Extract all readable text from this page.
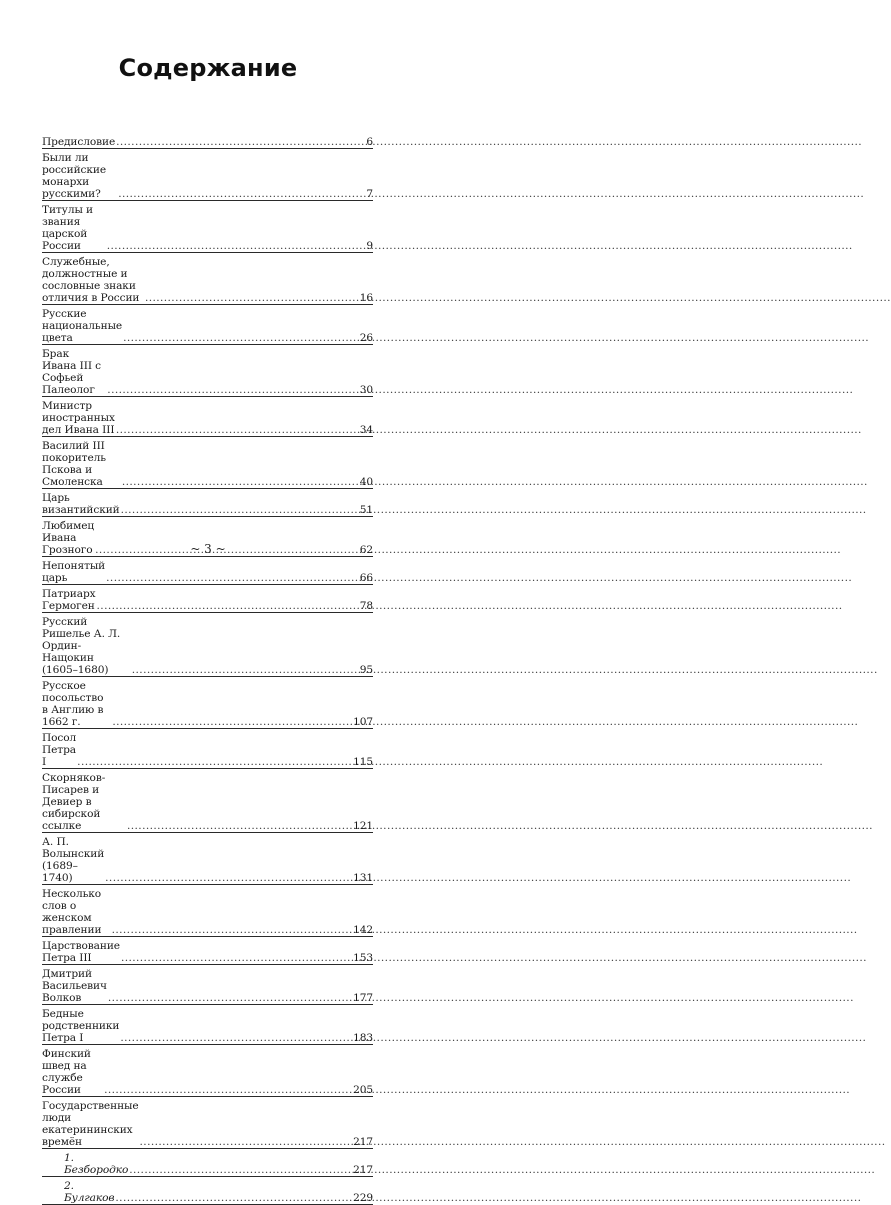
Содержание
Предисловие .....	6
Были ли российские монархи русскими? .....	7
Титулы и звания царской России .....	9
Служебные, должностные и сословные знаки отличия в России .....	16
Русские национальные цвета .....	26
Брак Ивана III с Софьей Палеолог .....	30
Министр иностранных дел Ивана III .....	34
Василий III покоритель Пскова и Смоленска .....	40
Царь византийский .....	51
Любимец Ивана Грозного .....	62
Непонятый царь .....	66
Патриарх Гермоген .....	78
Русский Ришелье А. Л. Ордин-Нащокин (1605–1680) .....	95
Русское посольство в Англию в 1662 г. .....	107
Посол Петра I .....	115
Скорняков-Писарев и Девиер в сибирской ссылке .....	121
А. П. Волынский (1689–1740) .....	131
Несколько слов о женском правлении .....	142
Царствование Петра III .....	153
Дмитрий Васильевич Волков .....	177
Бедные родственники Петра I .....	183
Финский швед на службе России .....	205
Государственные люди екатерининских времён .....	217
1. Безбородко .....	217
2. Булгаков .....	229
~ 3 ~
